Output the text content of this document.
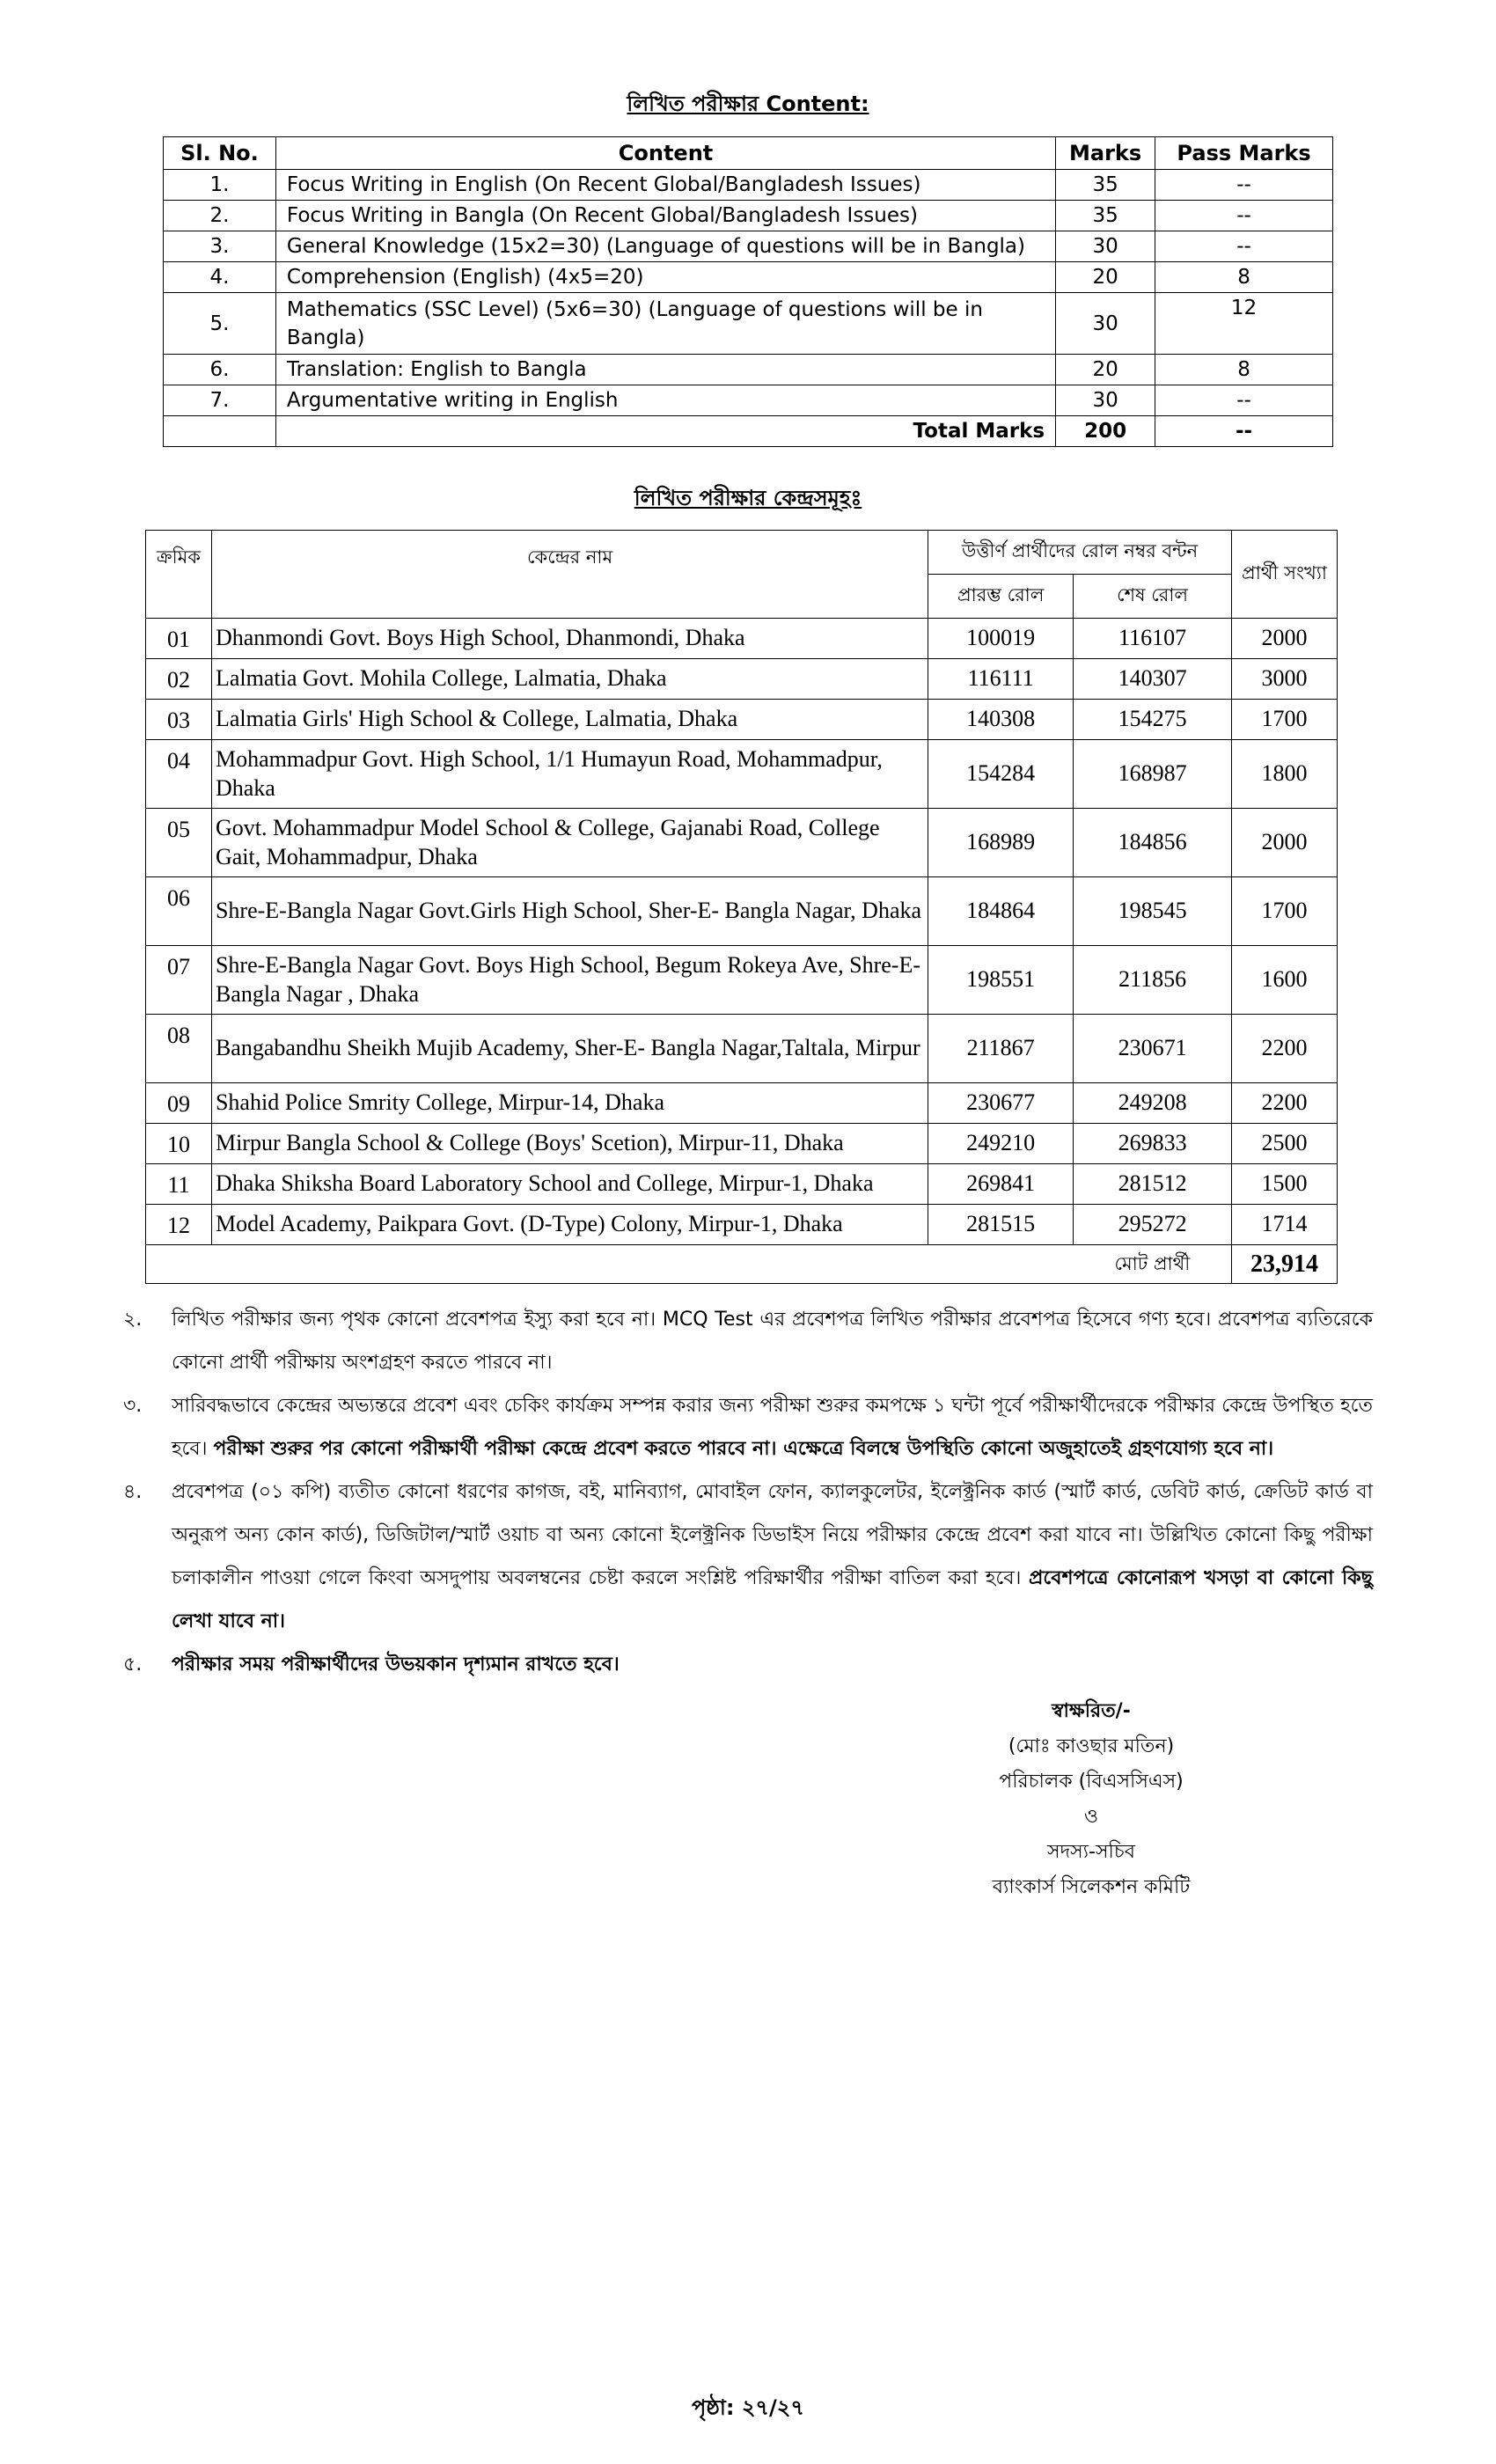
লিখিত পরীক্ষার Content:
Sl. No.	Content	Marks	Pass Marks
1.	Focus Writing in English (On Recent Global/Bangladesh Issues)	35	--
2.	Focus Writing in Bangla (On Recent Global/Bangladesh Issues)	35	--
3.	General Knowledge (15x2=30) (Language of questions will be in Bangla)	30	--
4.	Comprehension (English) (4x5=20)	20	8
5.	Mathematics (SSC Level) (5x6=30) (Language of questions will be in Bangla)	30	12
6.	Translation: English to Bangla	20	8
7.	Argumentative writing in English	30	--
	Total Marks	200	--
লিখিত পরীক্ষার কেন্দ্রসমূহঃ
ক্রমিক	কেন্দ্রের নাম	উত্তীর্ণ প্রার্থীদের রোল নম্বর বন্টন		প্রার্থী সংখ্যা
		প্রারম্ভ রোল	শেষ রোল	
01	Dhanmondi Govt. Boys High School, Dhanmondi, Dhaka	100019	116107	2000
02	Lalmatia Govt. Mohila College, Lalmatia, Dhaka	116111	140307	3000
03	Lalmatia Girls' High School & College, Lalmatia, Dhaka	140308	154275	1700
04	Mohammadpur Govt. High School, 1/1 Humayun Road, Mohammadpur, Dhaka	154284	168987	1800
05	Govt. Mohammadpur Model School & College, Gajanabi Road, College Gait, Mohammadpur, Dhaka	168989	184856	2000
06	Shre-E-Bangla Nagar Govt.Girls High School, Sher-E- Bangla Nagar, Dhaka	184864	198545	1700
07	Shre-E-Bangla Nagar Govt. Boys High School, Begum Rokeya Ave, Shre-E- Bangla Nagar , Dhaka	198551	211856	1600
08	Bangabandhu Sheikh Mujib Academy, Sher-E- Bangla Nagar,Taltala, Mirpur	211867	230671	2200
09	Shahid Police Smrity College, Mirpur-14, Dhaka	230677	249208	2200
10	Mirpur Bangla School & College (Boys' Scetion), Mirpur-11, Dhaka	249210	269833	2500
11	Dhaka Shiksha Board Laboratory School and College, Mirpur-1, Dhaka	269841	281512	1500
12	Model Academy, Paikpara Govt. (D-Type) Colony, Mirpur-1, Dhaka	281515	295272	1714
			মোট প্রার্থী	23,914
২. লিখিত পরীক্ষার জন্য পৃথক কোনো প্রবেশপত্র ইস্যু করা হবে না। MCQ Test এর প্রবেশপত্র লিখিত পরীক্ষার প্রবেশপত্র হিসেবে গণ্য হবে। প্রবেশপত্র ব্যতিরেকে কোনো প্রার্থী পরীক্ষায় অংশগ্রহণ করতে পারবে না।
৩. সারিবদ্ধভাবে কেন্দ্রের অভ্যন্তরে প্রবেশ এবং চেকিং কার্যক্রম সম্পন্ন করার জন্য পরীক্ষা শুরুর কমপক্ষে ১ ঘন্টা পূর্বে পরীক্ষার্থীদেরকে পরীক্ষার কেন্দ্রে উপস্থিত হতে হবে। পরীক্ষা শুরুর পর কোনো পরীক্ষার্থী পরীক্ষা কেন্দ্রে প্রবেশ করতে পারবে না। এক্ষেত্রে বিলম্বে উপস্থিতি কোনো অজুহাতেই গ্রহণযোগ্য হবে না।
৪. প্রবেশপত্র (০১ কপি) ব্যতীত কোনো ধরণের কাগজ, বই, মানিব্যাগ, মোবাইল ফোন, ক্যালকুলেটর, ইলেক্ট্রনিক কার্ড (স্মার্ট কার্ড, ডেবিট কার্ড, ক্রেডিট কার্ড বা অনুরূপ অন্য কোন কার্ড), ডিজিটাল/স্মার্ট ওয়াচ বা অন্য কোনো ইলেক্ট্রনিক ডিভাইস নিয়ে পরীক্ষার কেন্দ্রে প্রবেশ করা যাবে না। উল্লিখিত কোনো কিছু পরীক্ষা চলাকালীন পাওয়া গেলে কিংবা অসদুপায় অবলম্বনের চেষ্টা করলে সংশ্লিষ্ট পরিক্ষার্থীর পরীক্ষা বাতিল করা হবে। প্রবেশপত্রে কোনোরূপ খসড়া বা কোনো কিছু লেখা যাবে না।
৫. পরীক্ষার সময় পরীক্ষার্থীদের উভয়কান দৃশ্যমান রাখতে হবে।
স্বাক্ষরিত/-
(মোঃ কাওছার মতিন)
পরিচালক (বিএসসিএস)
ও
সদস্য-সচিব
ব্যাংকার্স সিলেকশন কমিটি
পৃষ্ঠা: ২৭/২৭
